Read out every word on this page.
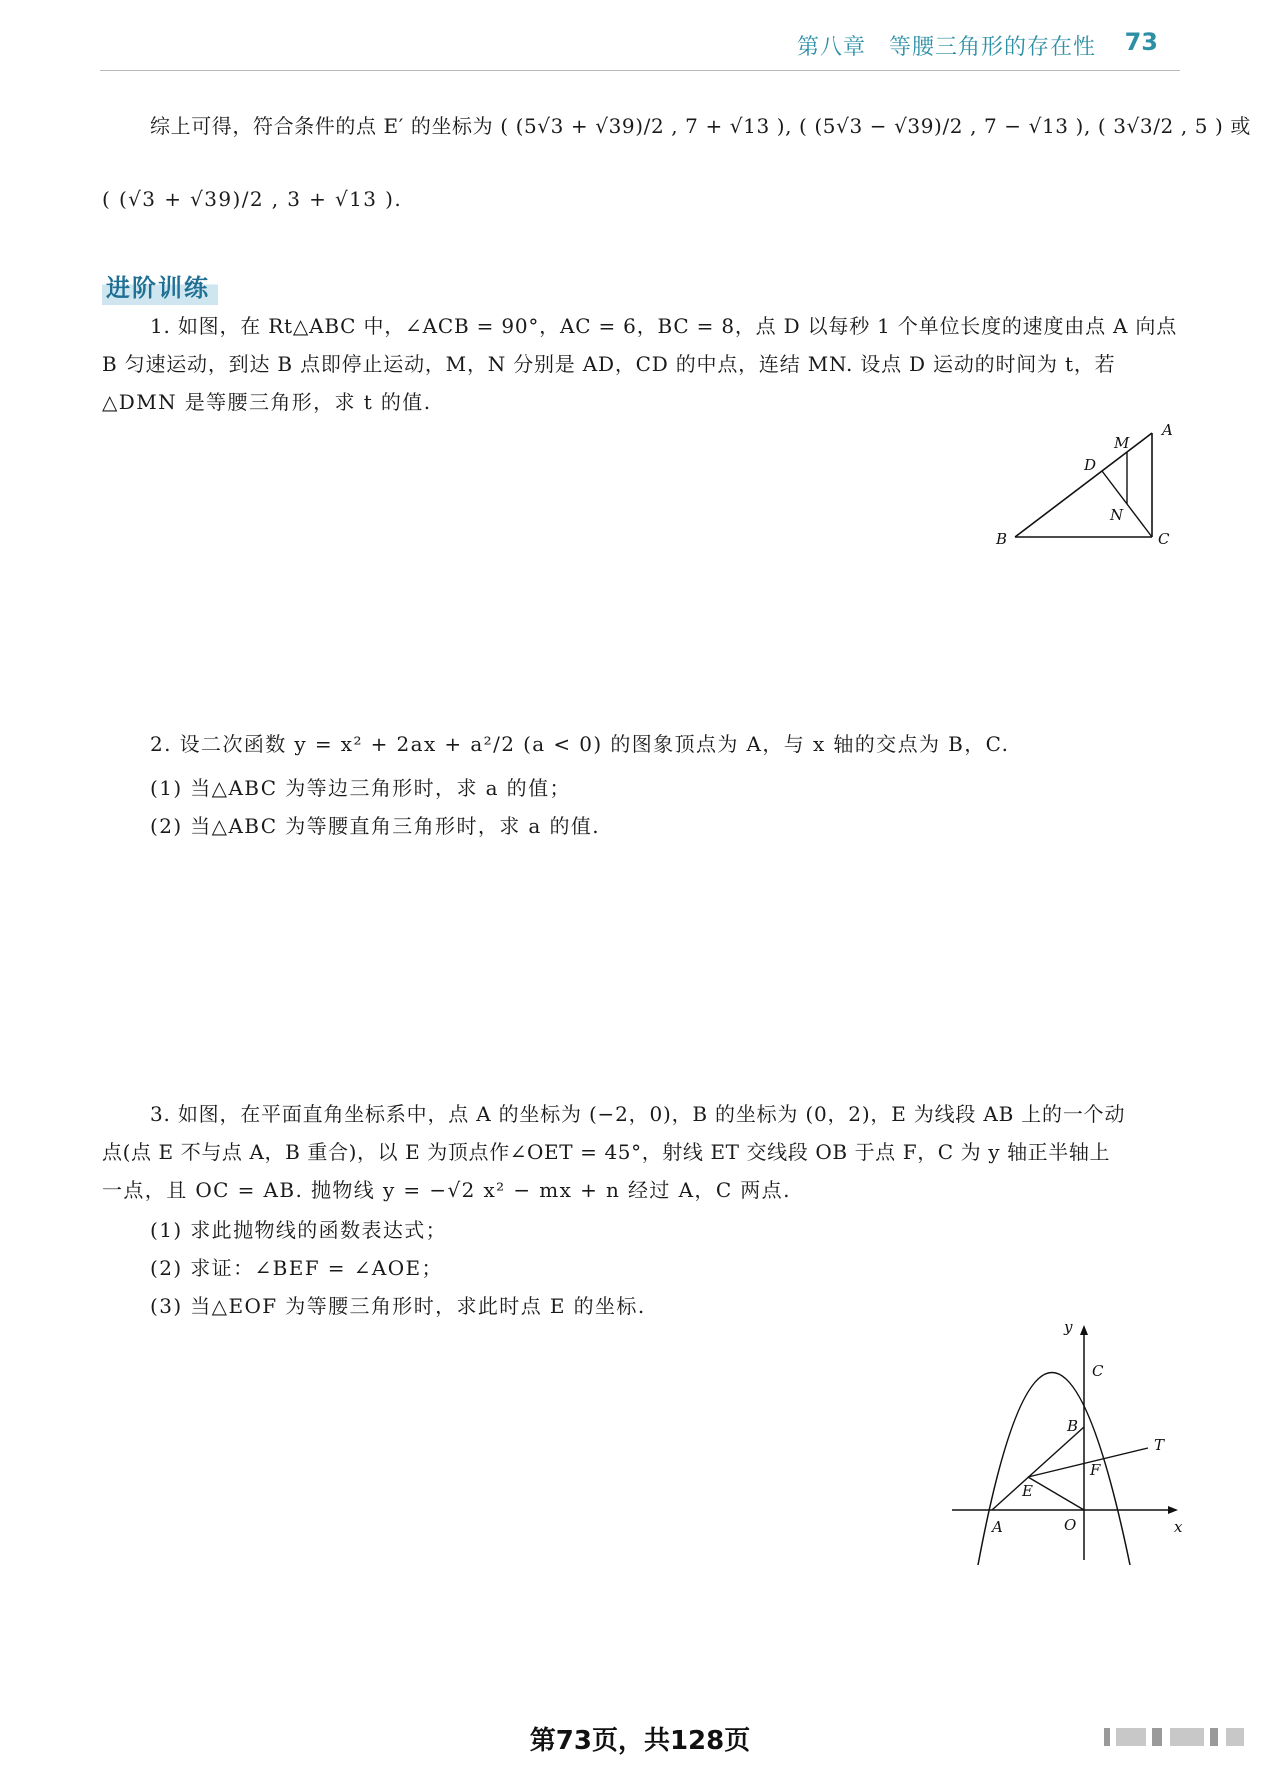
第八章　等腰三角形的存在性 73
综上可得，符合条件的点 E′ 的坐标为 ( (5√3 + √39)/2 , 7 + √13 ), ( (5√3 − √39)/2 , 7 − √13 ), ( 3√3/2 , 5 ) 或
( (√3 + √39)/2 , 3 + √13 ).
进阶训练
1. 如图，在 Rt△ABC 中，∠ACB = 90°，AC = 6，BC = 8，点 D 以每秒 1 个单位长度的速度由点 A 向点
B 匀速运动，到达 B 点即停止运动，M，N 分别是 AD，CD 的中点，连结 MN. 设点 D 运动的时间为 t，若
△DMN 是等腰三角形，求 t 的值.
A
M
D
N
B	C
2. 设二次函数 y = x² + 2ax + a²/2 (a < 0) 的图象顶点为 A，与 x 轴的交点为 B，C.
(1) 当△ABC 为等边三角形时，求 a 的值；
(2) 当△ABC 为等腰直角三角形时，求 a 的值.
3. 如图，在平面直角坐标系中，点 A 的坐标为 (−2，0)，B 的坐标为 (0，2)，E 为线段 AB 上的一个动
点(点 E 不与点 A，B 重合)，以 E 为顶点作∠OET = 45°，射线 ET 交线段 OB 于点 F，C 为 y 轴正半轴上
一点，且 OC = AB. 抛物线 y = −√2 x² − mx + n 经过 A，C 两点.
(1) 求此抛物线的函数表达式；
(2) 求证：∠BEF = ∠AOE；
(3) 当△EOF 为等腰三角形时，求此时点 E 的坐标.
y
x
C
B
T
F
E
A	O
第73页，共128页
